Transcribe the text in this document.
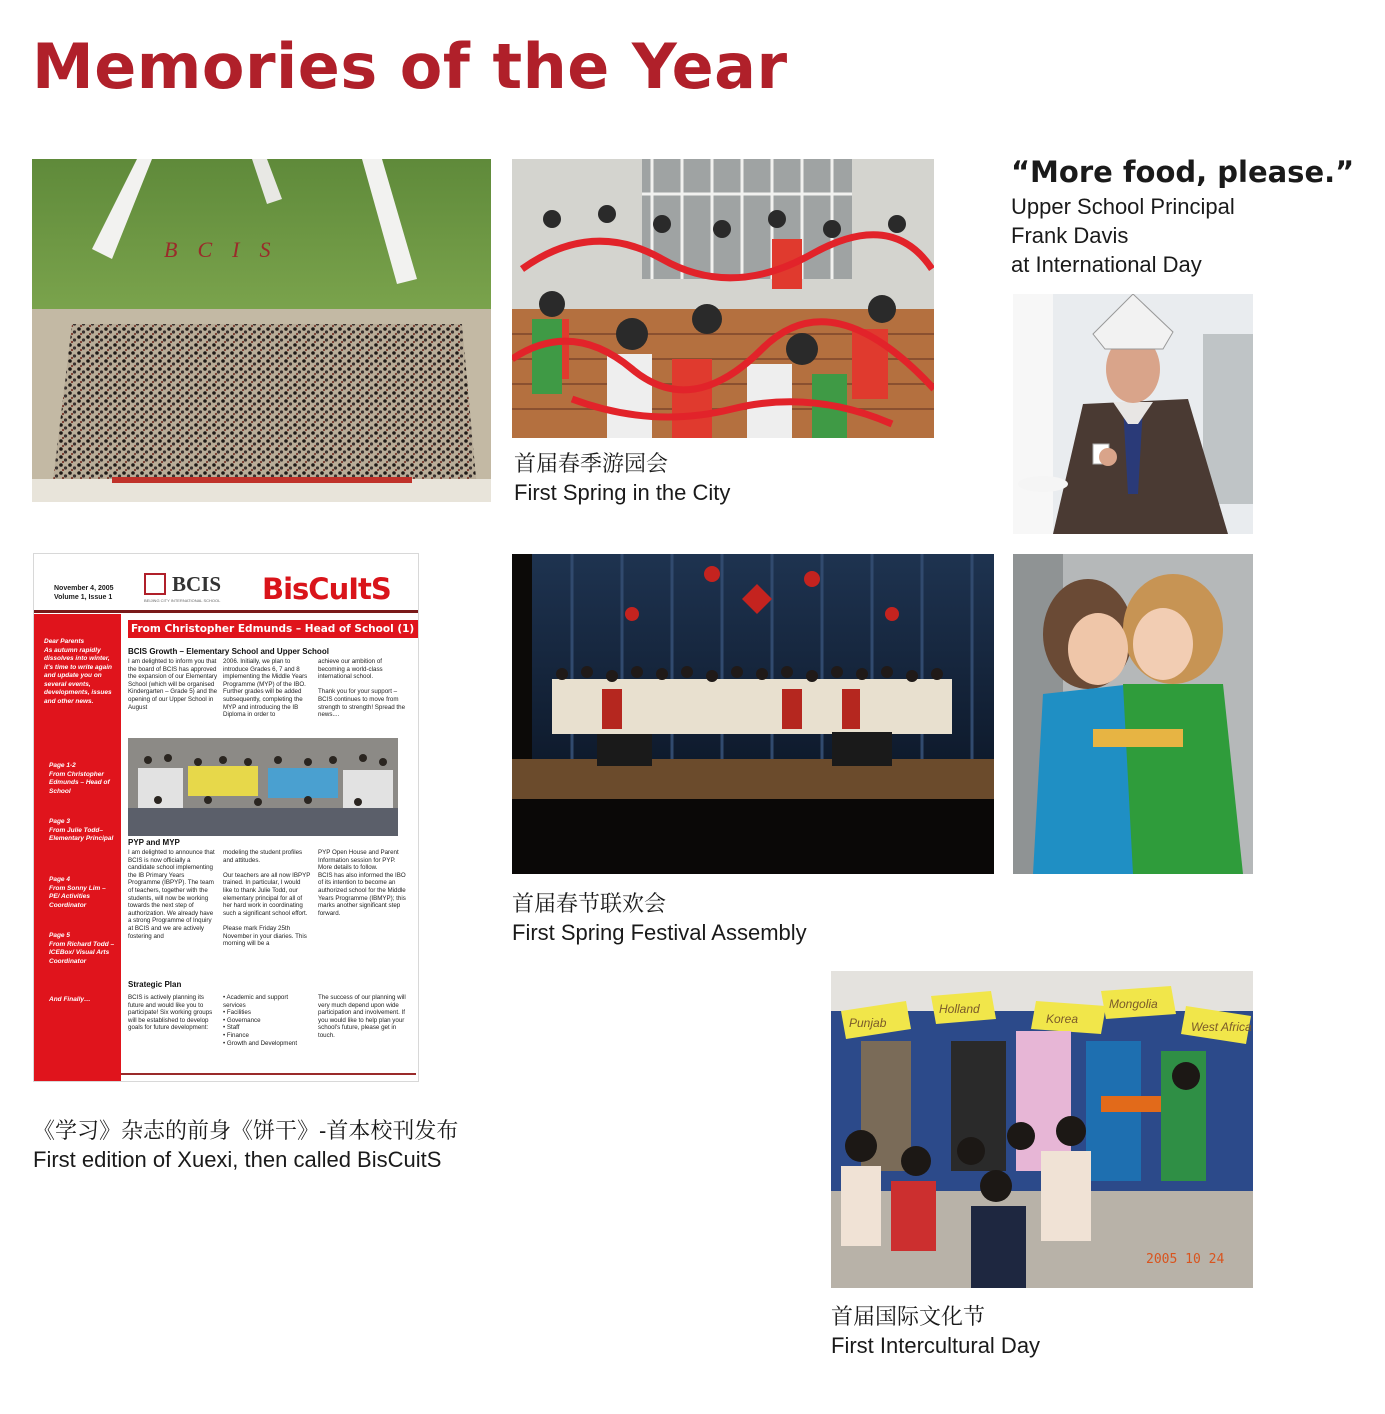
Memories of the Year
BCIS
首届春季游园会
First Spring in the City
“More food, please.”
Upper School Principal
Frank Davis
at International Day
November 4, 2005
Volume 1, Issue 1
BCIS
BEIJING CITY INTERNATIONAL SCHOOL BisCuItS
Dear Parents
As autumn rapidly dissolves into winter, it's time to write again and update you on several events, developments, issues and other news.
Page 1-2
From Christopher Edmunds – Head of School
Page 3
From Julie Todd– Elementary Principal
Page 4
From Sonny Lim – PE/ Activities Coordinator
Page 5
From Richard Todd – ICEBox/ Visual Arts Coordinator
And Finally…
From Christopher Edmunds – Head of School (1)
BCIS Growth – Elementary School and Upper School
I am delighted to inform you that the board of BCIS has approved the expansion of our Elementary School (which will be organised Kindergarten – Grade 5) and the opening of our Upper School in August
2006. Initially, we plan to introduce Grades 6, 7 and 8 implementing the Middle Years Programme (MYP) of the IBO. Further grades will be added subsequently, completing the MYP and introducing the IB Diploma in order to
achieve our ambition of becoming a world-class international school.

Thank you for your support – BCIS continues to move from strength to strength! Spread the news....
PYP and MYP
I am delighted to announce that BCIS is now officially a candidate school implementing the IB Primary Years Programme (IBPYP). The team of teachers, together with the students, will now be working towards the next step of authorization. We already have a strong Programme of Inquiry at BCIS and we are actively fostering and
modeling the student profiles and attitudes.

Our teachers are all now IBPYP trained. In particular, I would like to thank Julie Todd, our elementary principal for all of her hard work in coordinating such a significant school effort.

Please mark Friday 25th November in your diaries. This morning will be a
PYP Open House and Parent Information session for PYP. More details to follow.
BCIS has also informed the IBO of its intention to become an authorized school for the Middle Years Programme (IBMYP); this marks another significant step forward.
Strategic Plan
BCIS is actively planning its future and would like you to participate! Six working groups will be established to develop goals for future development:
• Academic and support services
• Facilities
• Governance
• Staff
• Finance
• Growth and Development
The success of our planning will very much depend upon wide participation and involvement. If you would like to help plan your school's future, please get in touch.
《学习》杂志的前身《饼干》-首本校刊发布
First edition of Xuexi, then called BisCuitS
首届春节联欢会
First Spring Festival Assembly
Punjab
Holland
Korea
Mongolia
West Africa
2005 10 24
首届国际文化节
First Intercultural Day
